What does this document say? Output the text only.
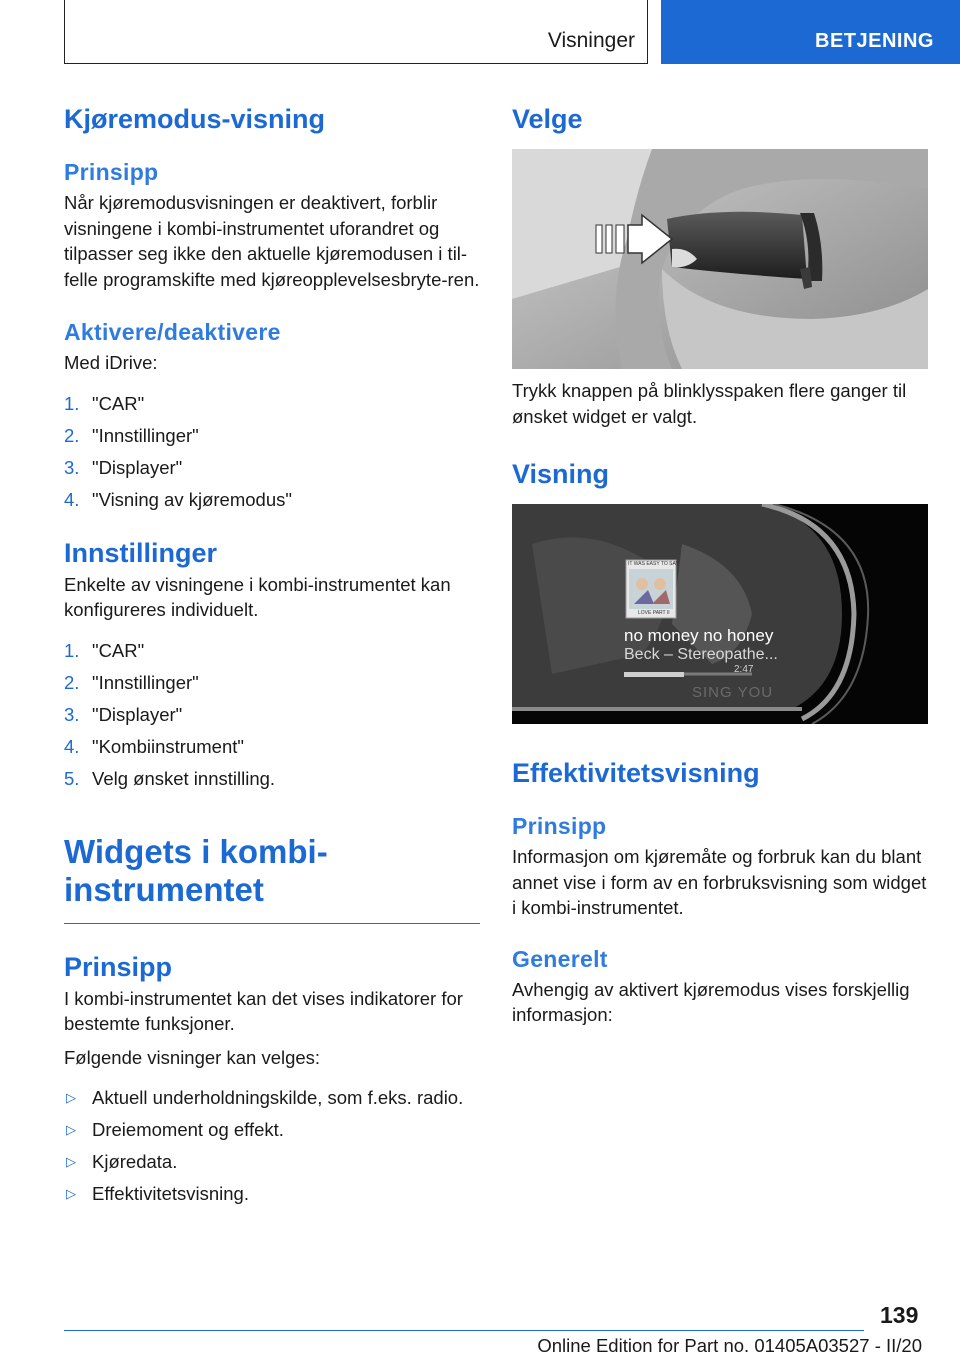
Visninger	BETJENING
Kjøremodus-visning
Prinsipp

Når kjøremodusvisningen er deaktivert, forblir visningene i kombi-instrumentet uforandret og tilpasser seg ikke den aktuelle kjøremodusen i til-felle programskifte med kjøreopplevelsesbryte-ren.

Aktivere/deaktivere

Med iDrive:

1. "CAR"
2. "Innstillinger"
3. "Displayer"
4. "Visning av kjøremodus"
Innstillinger

Enkelte av visningene i kombi-instrumentet kan konfigureres individuelt.

1. "CAR"
2. "Innstillinger"
3. "Displayer"
4. "Kombiinstrument"
5. Velg ønsket innstilling.
Widgets i kombi-
instrumentet
Prinsipp

I kombi-instrumentet kan det vises indikatorer for bestemte funksjoner.

Følgende visninger kan velges:

▷ Aktuell underholdningskilde, som f.eks. radio.
▷ Dreiemoment og effekt.
▷ Kjøredata.
▷ Effektivitetsvisning.
Velge

Trykk knappen på blinklysspaken flere ganger til ønsket widget er valgt.

Visning
IT WAS EASY TO SAY
LOVE PART II
no money no honey
Beck – Stereopathe...
2:47
SING YOU
Effektivitetsvisning
Prinsipp

Informasjon om kjøremåte og forbruk kan du blant annet vise i form av en forbruksvisning som widget i kombi-instrumentet.

Generelt

Avhengig av aktivert kjøremodus vises forskjellig informasjon:

139
Online Edition for Part no. 01405A03527 - II/20
